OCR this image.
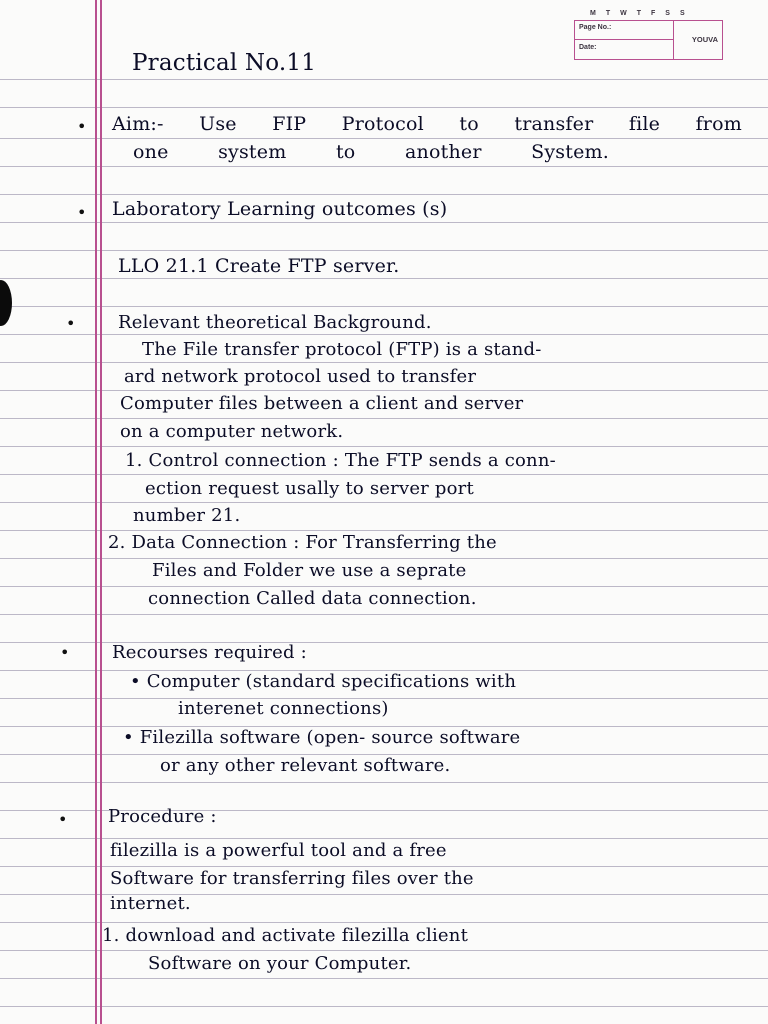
M T W T F S S
Page No.:
Date:
YOUVA
Practical No.11
• Aim:- Use FIP Protocol to transfer file from
one	system	to	another	System.
• Laboratory Learning outcomes (s)
LLO 21.1 Create FTP server.
• Relevant theoretical Background.
The File transfer protocol (FTP) is a stand-
ard network protocol used to transfer
Computer files between a client and server
on a computer network.
1. Control connection : The FTP sends a conn-
ection request usally to server port
number 21.
2. Data Connection : For Transferring the
Files and Folder we use a seprate
connection Called data connection.
• Recourses required :
• Computer (standard specifications with
interenet connections)
• Filezilla software (open- source software
or any other relevant software.
• Procedure :
filezilla is a powerful tool and a free
Software for transferring files over the
internet.
1. download and activate filezilla client
Software on your Computer.
